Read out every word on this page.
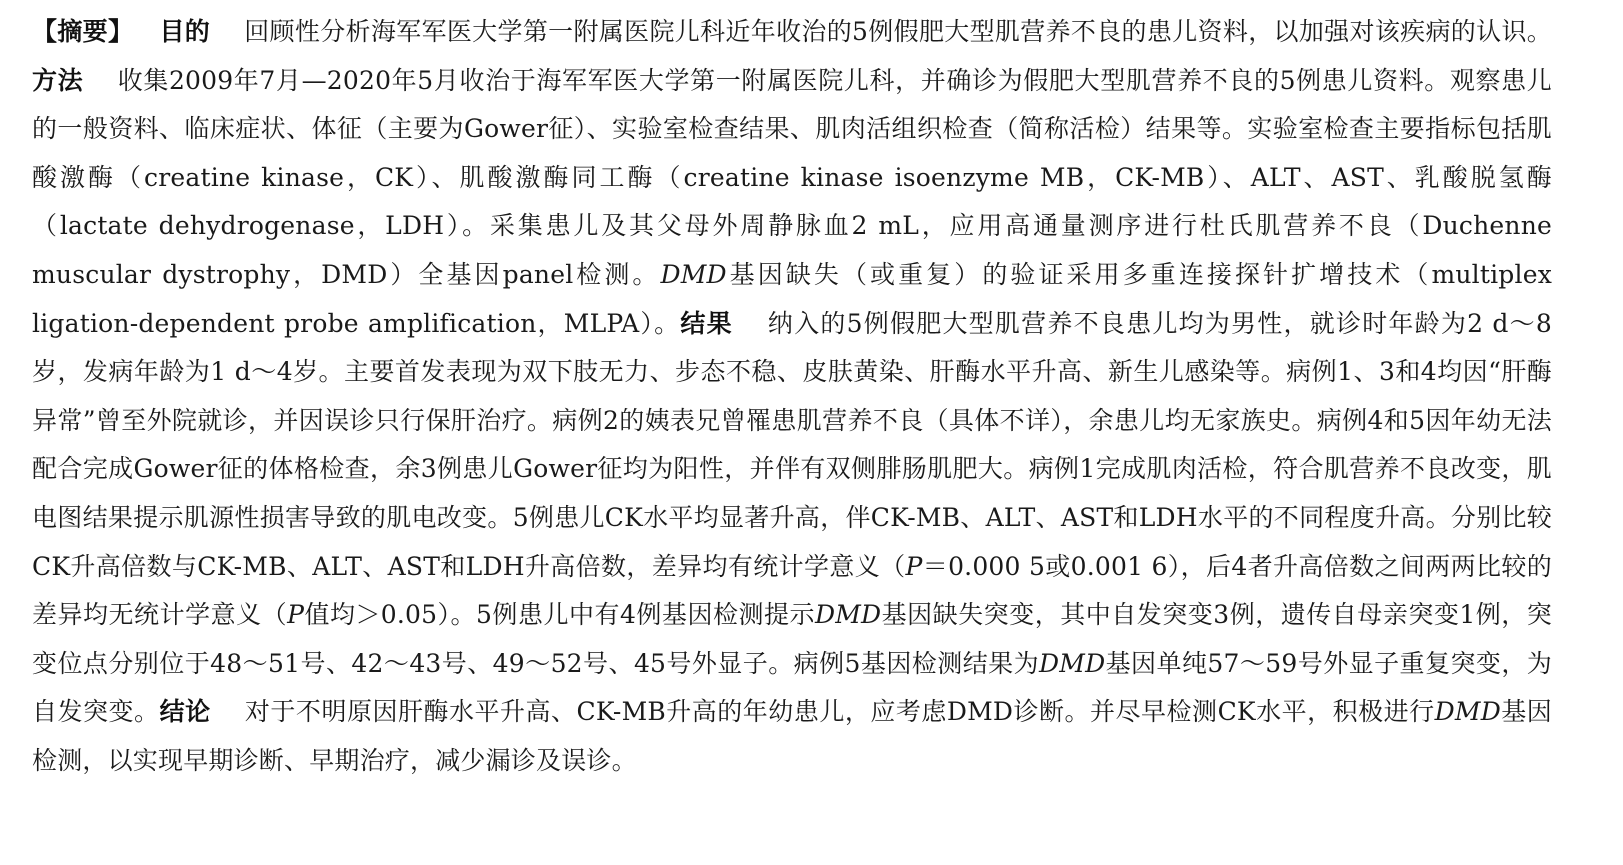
【摘要】 目的 回顾性分析海军军医大学第一附属医院儿科近年收治的5例假肥大型肌营养不良的患儿资料，以加强对该疾病的认识。方法 收集2009年7月—2020年5月收治于海军军医大学第一附属医院儿科，并确诊为假肥大型肌营养不良的5例患儿资料。观察患儿的一般资料、临床症状、体征（主要为Gower征）、实验室检查结果、肌肉活组织检查（简称活检）结果等。实验室检查主要指标包括肌酸激酶（creatine kinase，CK）、肌酸激酶同工酶（creatine kinase isoenzyme MB，CK-MB）、ALT、AST、乳酸脱氢酶（lactate dehydrogenase，LDH）。采集患儿及其父母外周静脉血2 mL，应用高通量测序进行杜氏肌营养不良（Duchenne muscular dystrophy，DMD）全基因panel检测。DMD基因缺失（或重复）的验证采用多重连接探针扩增技术（multiplex ligation-dependent probe amplification，MLPA）。结果 纳入的5例假肥大型肌营养不良患儿均为男性，就诊时年龄为2 d～8岁，发病年龄为1 d～4岁。主要首发表现为双下肢无力、步态不稳、皮肤黄染、肝酶水平升高、新生儿感染等。病例1、3和4均因“肝酶异常”曾至外院就诊，并因误诊只行保肝治疗。病例2的姨表兄曾罹患肌营养不良（具体不详），余患儿均无家族史。病例4和5因年幼无法配合完成Gower征的体格检查，余3例患儿Gower征均为阳性，并伴有双侧腓肠肌肥大。病例1完成肌肉活检，符合肌营养不良改变，肌电图结果提示肌源性损害导致的肌电改变。5例患儿CK水平均显著升高，伴CK-MB、ALT、AST和LDH水平的不同程度升高。分别比较CK升高倍数与CK-MB、ALT、AST和LDH升高倍数，差异均有统计学意义（P＝0.000 5或0.001 6），后4者升高倍数之间两两比较的差异均无统计学意义（P值均＞0.05）。5例患儿中有4例基因检测提示DMD基因缺失突变，其中自发突变3例，遗传自母亲突变1例，突变位点分别位于48～51号、42～43号、49～52号、45号外显子。病例5基因检测结果为DMD基因单纯57～59号外显子重复突变，为自发突变。结论 对于不明原因肝酶水平升高、CK-MB升高的年幼患儿，应考虑DMD诊断。并尽早检测CK水平，积极进行DMD基因检测，以实现早期诊断、早期治疗，减少漏诊及误诊。
